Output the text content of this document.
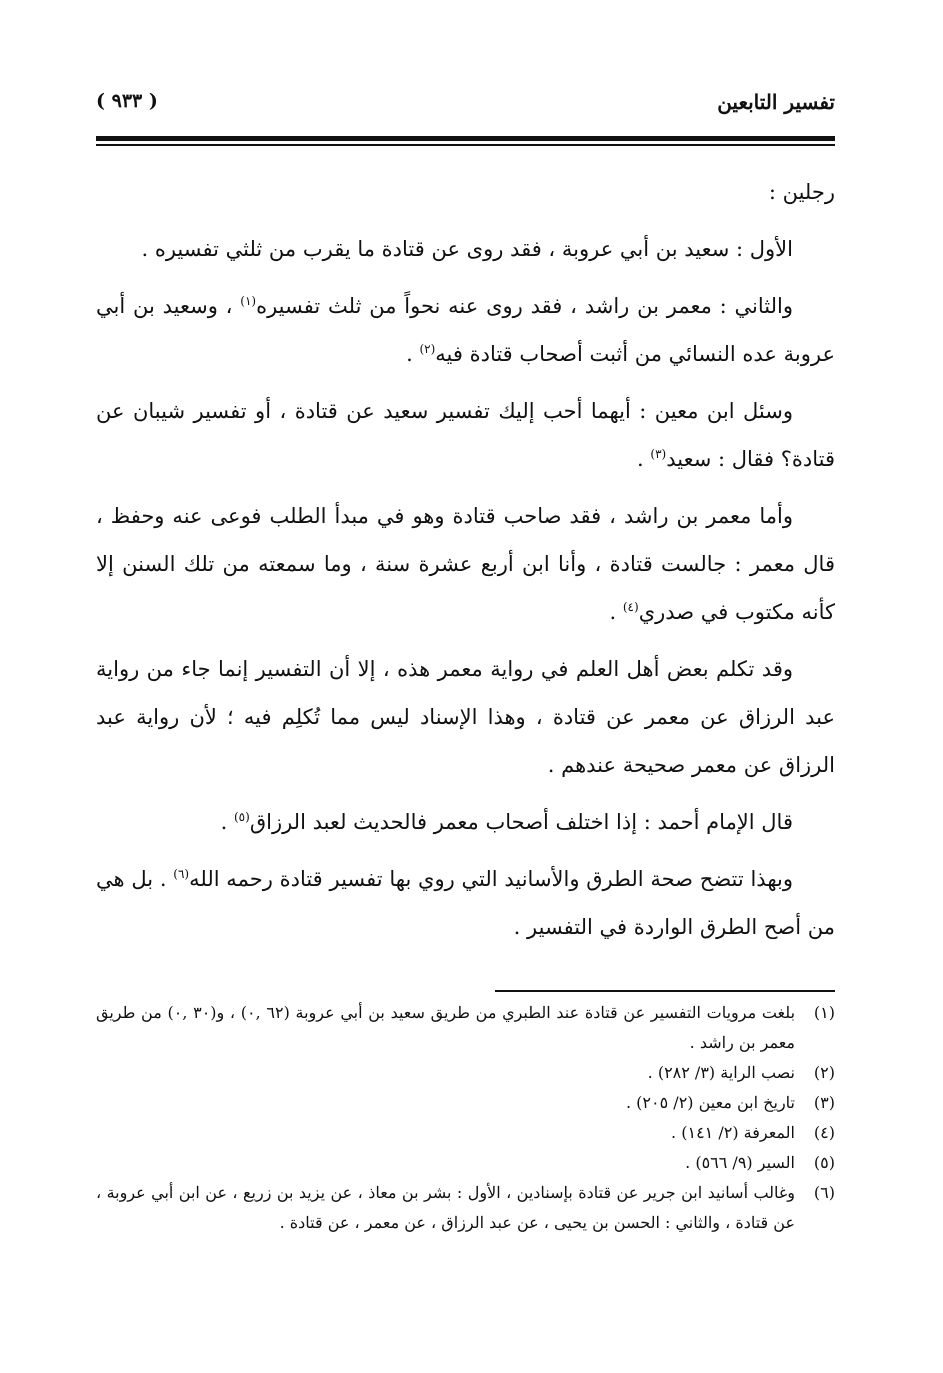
تفسير التابعين
( ٩٣٣ )

رجلين :

الأول : سعيد بن أبي عروبة ، فقد روى عن قتادة ما يقرب من ثلثي تفسيره .

والثاني : معمر بن راشد ، فقد روى عنه نحواً من ثلث تفسيره$^{(١)}$ ، وسعيد بن أبي عروبة عده النسائي من أثبت أصحاب قتادة فيه$^{(٢)}$ .

وسئل ابن معين : أيهما أحب إليك تفسير سعيد عن قتادة ، أو تفسير شيبان عن قتادة؟ فقال : سعيد$^{(٣)}$ .

وأما معمر بن راشد ، فقد صاحب قتادة وهو في مبدأ الطلب فوعى عنه وحفظ ، قال معمر : جالست قتادة ، وأنا ابن أربع عشرة سنة ، وما سمعته من تلك السنن إلا كأنه مكتوب في صدري$^{(٤)}$ .

وقد تكلم بعض أهل العلم في رواية معمر هذه ، إلا أن التفسير إنما جاء من رواية عبد الرزاق عن معمر عن قتادة ، وهذا الإسناد ليس مما تُكلِم فيه ؛ لأن رواية عبد الرزاق عن معمر صحيحة عندهم .

قال الإمام أحمد : إذا اختلف أصحاب معمر فالحديث لعبد الرزاق$^{(٥)}$ .

وبهذا تتضح صحة الطرق والأسانيد التي روي بها تفسير قتادة رحمه الله$^{(٦)}$ . بل هي من أصح الطرق الواردة في التفسير .

(١)
بلغت مرويات التفسير عن قتادة عند الطبري من طريق سعيد بن أبي عروبة (٦٢ ,٠) ، و(٣٠ ,٠) من طريق معمر بن راشد .
(٢)
نصب الراية (٣/ ٢٨٢) .
(٣)
تاريخ ابن معين (٢/ ٢٠٥) .
(٤)
المعرفة (٢/ ١٤١) .
(٥)
السير (٩/ ٥٦٦) .
(٦)
وغالب أسانيد ابن جرير عن قتادة بإسنادين ، الأول : بشر بن معاذ ، عن يزيد بن زريع ، عن ابن أبي عروبة ، عن قتادة ، والثاني : الحسن بن يحيى ، عن عبد الرزاق ، عن معمر ، عن قتادة .
